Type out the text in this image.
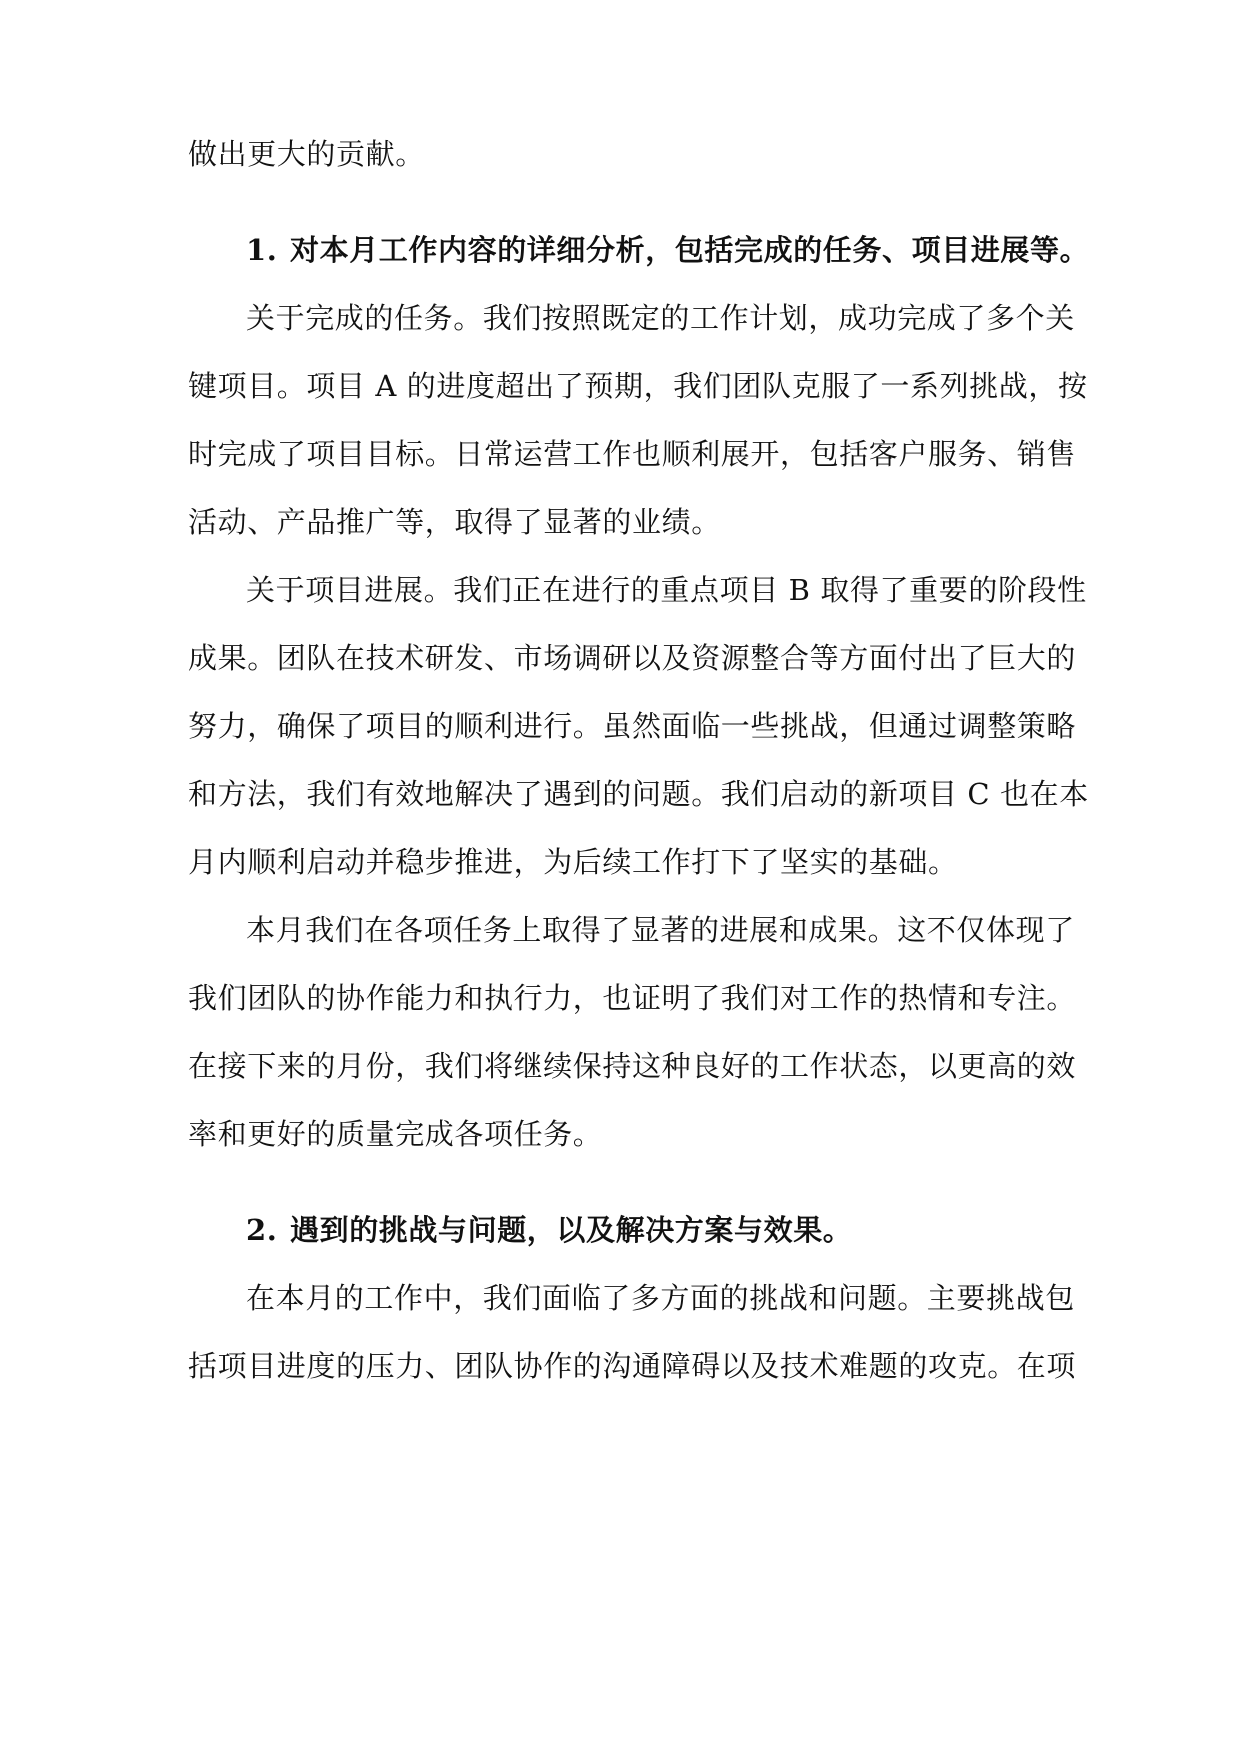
做出更大的贡献。
1. 对本月工作内容的详细分析，包括完成的任务、项目进展等。
关于完成的任务。我们按照既定的工作计划，成功完成了多个关
键项目。项目 A 的进度超出了预期，我们团队克服了一系列挑战，按
时完成了项目目标。日常运营工作也顺利展开，包括客户服务、销售
活动、产品推广等，取得了显著的业绩。
关于项目进展。我们正在进行的重点项目 B 取得了重要的阶段性
成果。团队在技术研发、市场调研以及资源整合等方面付出了巨大的
努力，确保了项目的顺利进行。虽然面临一些挑战，但通过调整策略
和方法，我们有效地解决了遇到的问题。我们启动的新项目 C 也在本
月内顺利启动并稳步推进，为后续工作打下了坚实的基础。
本月我们在各项任务上取得了显著的进展和成果。这不仅体现了
我们团队的协作能力和执行力，也证明了我们对工作的热情和专注。
在接下来的月份，我们将继续保持这种良好的工作状态，以更高的效
率和更好的质量完成各项任务。
2. 遇到的挑战与问题，以及解决方案与效果。
在本月的工作中，我们面临了多方面的挑战和问题。主要挑战包
括项目进度的压力、团队协作的沟通障碍以及技术难题的攻克。在项
